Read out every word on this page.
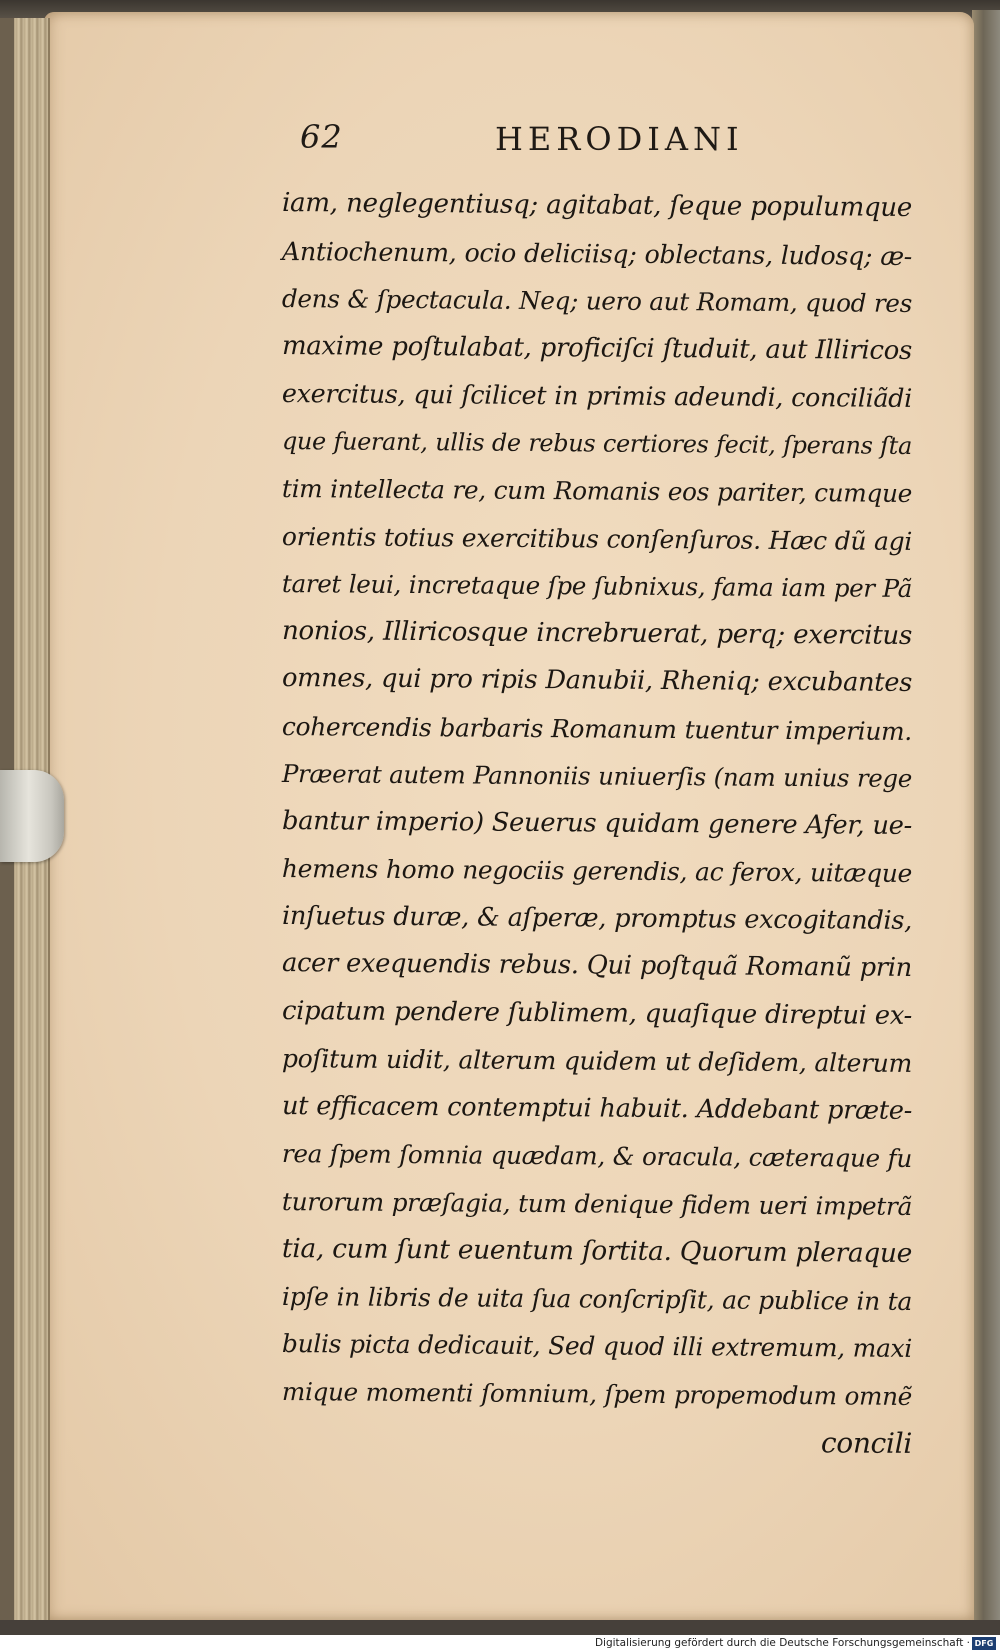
62	HERODIANI
iam, neglegentiusq; agitabat, ſeque populumque
Antiochenum, ocio deliciisq; oblectans, ludosq; æ-
dens & ſpectacula. Neq; uero aut Romam, quod res
maxime poſtulabat, proficiſci ſtuduit, aut Illiricos
exercitus, qui ſcilicet in primis adeundi, conciliãdi
que fuerant, ullis de rebus certiores fecit, ſperans ſta
tim intellecta re, cum Romanis eos pariter, cumque
orientis totius exercitibus conſenſuros. Hæc dũ agi
taret leui, incretaque ſpe ſubnixus, fama iam per Pã
nonios, Illiricosque increbruerat, perq; exercitus
omnes, qui pro ripis Danubii, Rheniq; excubantes
cohercendis barbaris Romanum tuentur imperium.
Præerat autem Pannoniis uniuerſis (nam unius rege
bantur imperio) Seuerus quidam genere Afer, ue-
hemens homo negociis gerendis, ac ferox, uitæque
inſuetus duræ, & aſperæ, promptus excogitandis,
acer exequendis rebus. Qui poſtquã Romanũ prin
cipatum pendere ſublimem, quaſique direptui ex-
poſitum uidit, alterum quidem ut deſidem, alterum
ut efficacem contemptui habuit. Addebant præte-
rea ſpem ſomnia quædam, & oracula, cæteraque fu
turorum præſagia, tum denique fidem ueri impetrã
tia, cum ſunt euentum ſortita. Quorum pleraque
ipſe in libris de uita ſua conſcripſit, ac publice in ta
bulis picta dedicauit, Sed quod illi extremum, maxi
mique momenti ſomnium, ſpem propemodum omnẽ
concili
Digitalisierung gefördert durch die Deutsche Forschungsgemeinschaft · DFG
